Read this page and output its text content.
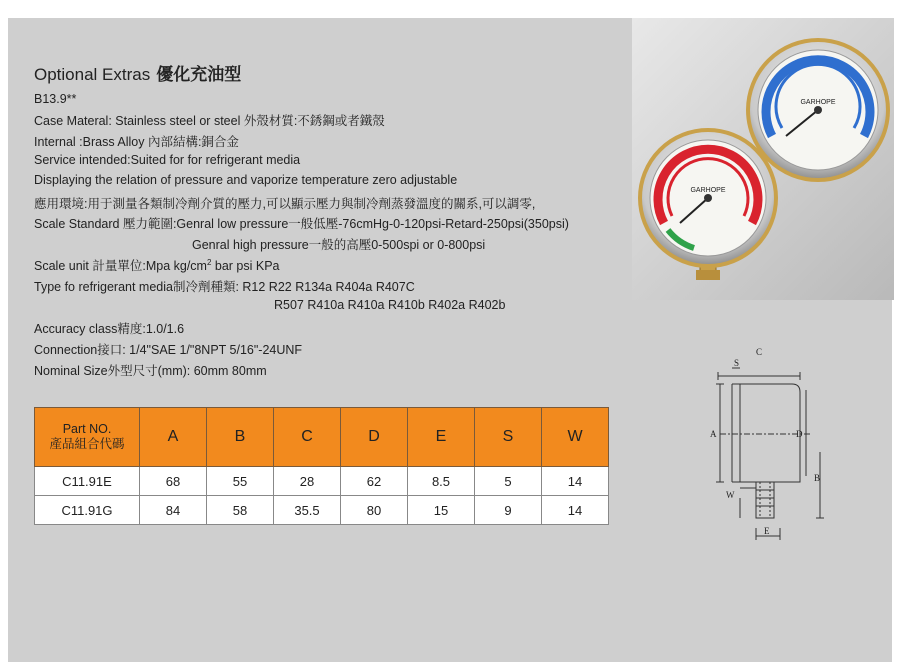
Optional Extras 優化充油型
B13.9**
Case Materal: Stainless steel or steel 外殼材質:不銹鋼或者鐵殼
Internal :Brass Alloy 內部結構:銅合金
Service intended:Suited for for refrigerant media
Displaying the relation of pressure and vaporize temperature zero adjustable
應用環境:用于測量各類制冷劑介質的壓力,可以顯示壓力與制冷劑蒸發溫度的關系,可以調零,
Scale Standard 壓力範圍:Genral low pressure一般低壓-76cmHg-0-120psi-Retard-250psi(350psi)
Genral high pressure一般的高壓0-500spi or 0-800psi
Scale unit 計量單位:Mpa $kg/cm^2$ bar psi KPa
Type fo refrigerant media制冷劑種類: R12 R22 R134a R404a R407C
R507 R410a R410a R410b R402a R402b
Accuracy class精度:1.0/1.6
Connection接口: 1/4"SAE 1/"8NPT 5/16"-24UNF
Nominal Size外型尺寸(mm): 60mm 80mm
Part NO.
產品組合代碼	A	B	C	D	E	S	W
C11.91E	68	55	28	62	8.5	5	14
C11.91G	84	58	35.5	80	15	9	14
GARHOPE
GARHOPE
C
S
A	D
B
W
E
